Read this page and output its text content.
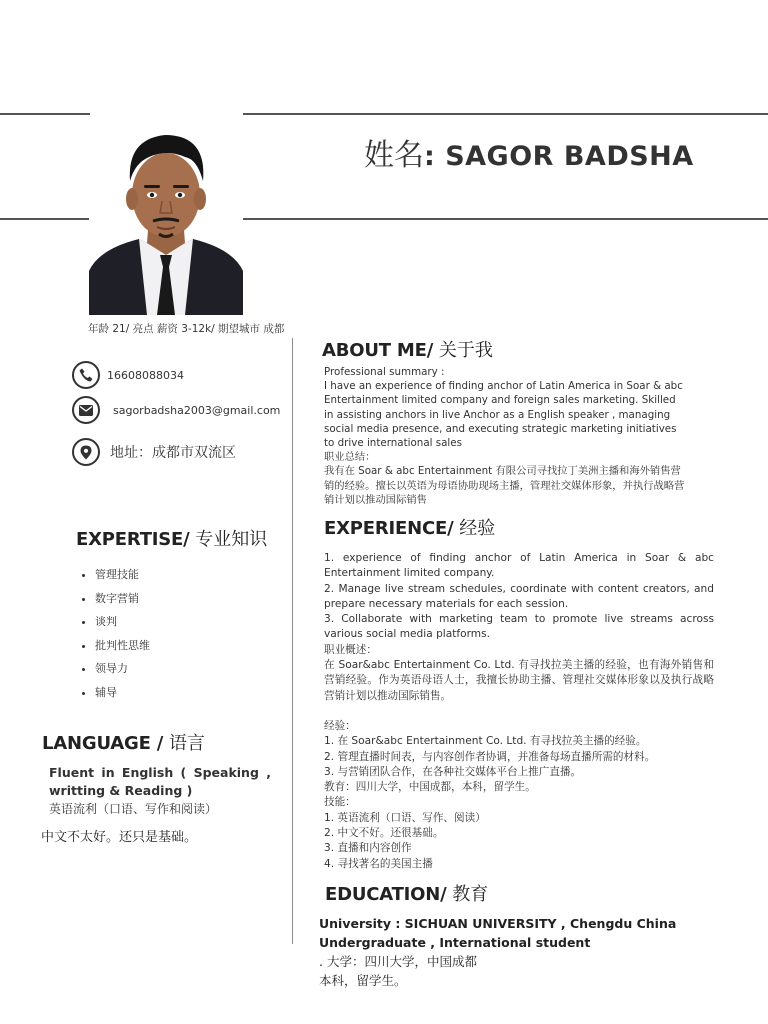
姓名: SAGOR BADSHA
年龄 21/ 亮点 薪资 3-12k/ 期望城市 成都
16608088034
sagorbadsha2003@gmail.com
地址：成都市双流区
EXPERTISE/ 专业知识
• 管理技能
• 数字营销
• 谈判
• 批判性思维
• 领导力
• 辅导
LANGUAGE / 语言
Fluent in English ( Speaking , writting & Reading )
英语流利（口语、写作和阅读）
中文不太好。还只是基础。
ABOUT ME/ 关于我

Professional summary :

I have an experience of finding anchor of Latin America in Soar & abc Entertainment limited company and foreign sales marketing. Skilled in assisting anchors in live Anchor as a English speaker , managing social media presence, and executing strategic marketing initiatives to drive international sales

职业总结：

我有在 Soar & abc Entertainment 有限公司寻找拉丁美洲主播和海外销售营销的经验。擅长以英语为母语协助现场主播，管理社交媒体形象，并执行战略营销计划以推动国际销售

EXPERIENCE/ 经验

1. experience of finding anchor of Latin America in Soar & abc Entertainment limited company.

2. Manage live stream schedules, coordinate with content creators, and prepare necessary materials for each session.

3. Collaborate with marketing team to promote live streams across various social media platforms.

职业概述：

在 Soar&abc Entertainment Co. Ltd. 有寻找拉美主播的经验，也有海外销售和营销经验。作为英语母语人士，我擅长协助主播、管理社交媒体形象以及执行战略营销计划以推动国际销售。

经验：

1. 在 Soar&abc Entertainment Co. Ltd. 有寻找拉美主播的经验。

2. 管理直播时间表，与内容创作者协调，并准备每场直播所需的材料。

3. 与营销团队合作，在各种社交媒体平台上推广直播。

教育：四川大学，中国成都，本科，留学生。

技能：

1. 英语流利（口语、写作、阅读）

2. 中文不好。还很基础。

3. 直播和内容创作

4. 寻找著名的美国主播

EDUCATION/ 教育

University : SICHUAN UNIVERSITY , Chengdu China

Undergraduate , International student

. 大学：四川大学，中国成都

本科，留学生。
